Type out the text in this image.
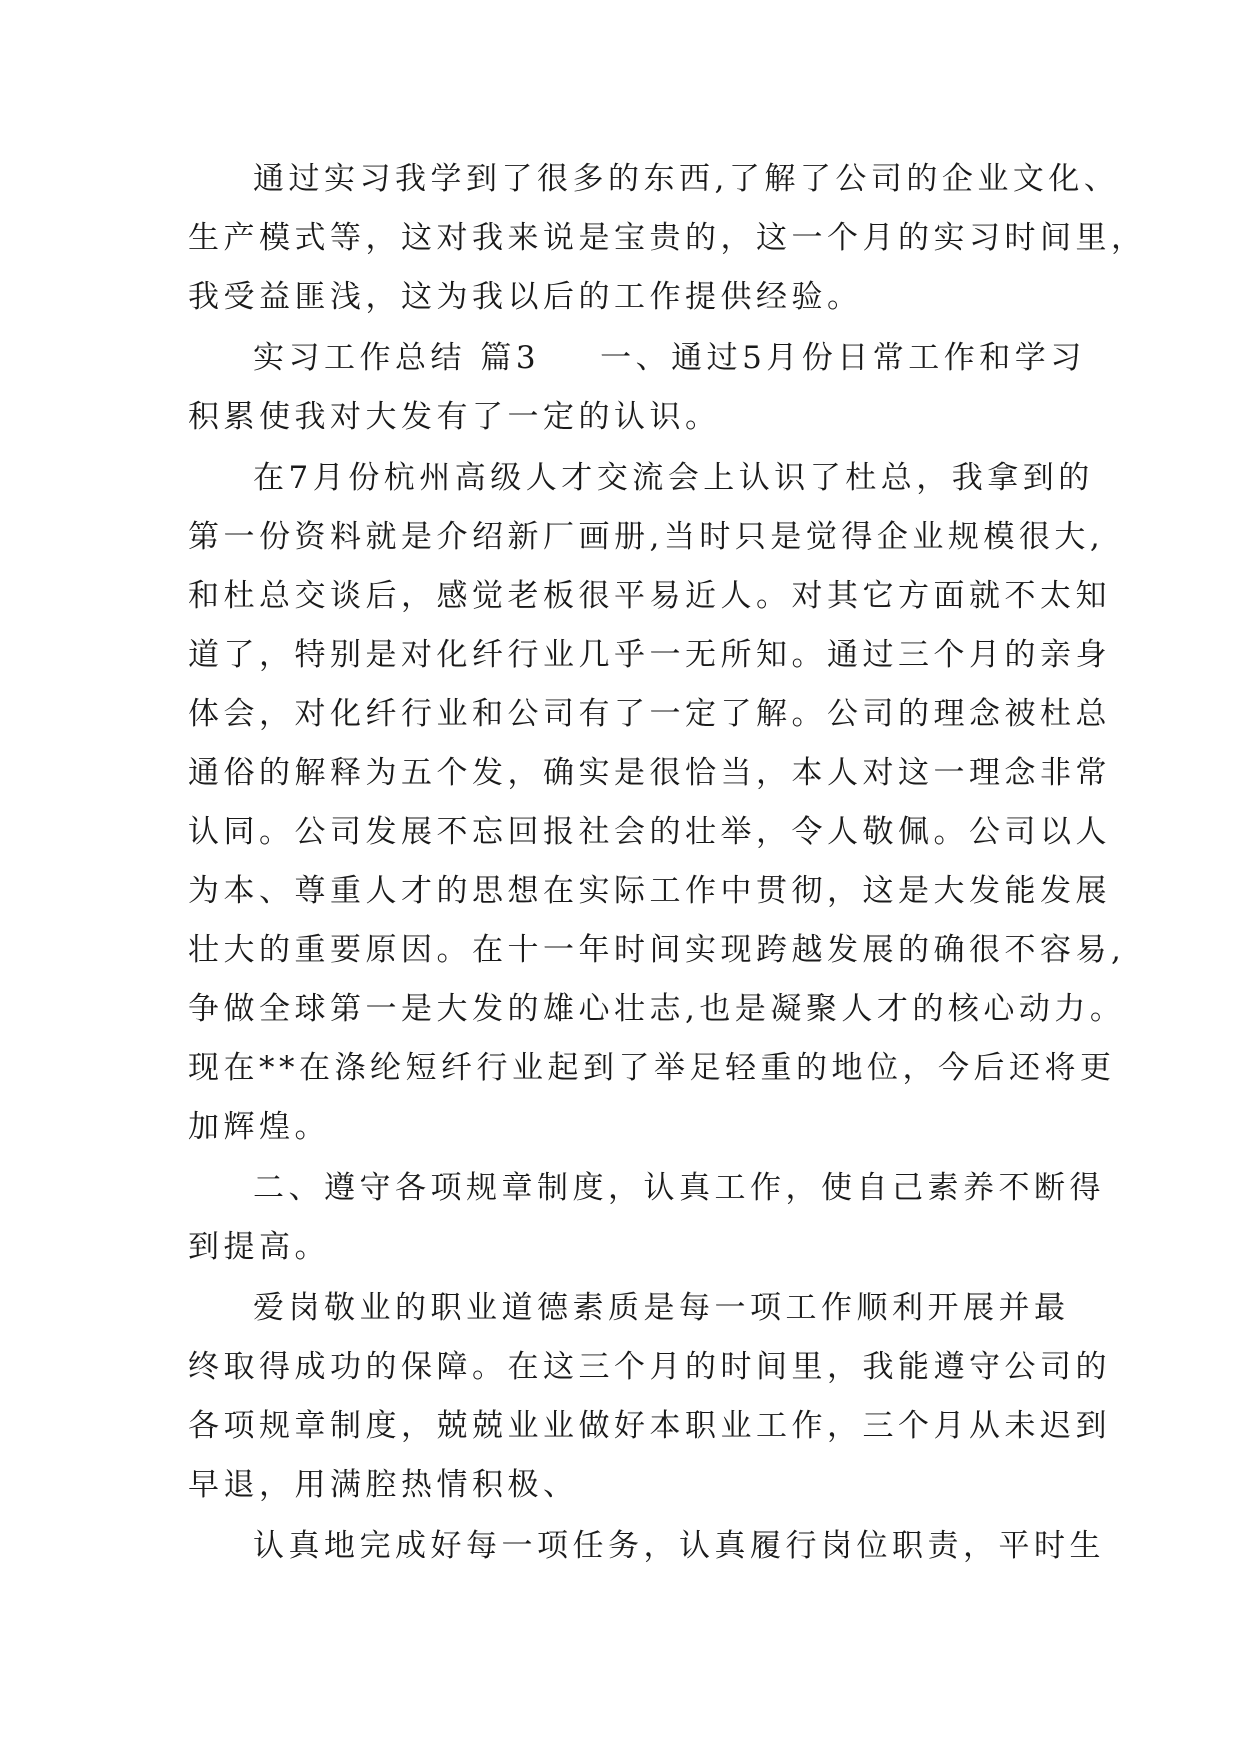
通过实习我学到了很多的东西,了解了公司的企业文化、
生产模式等，这对我来说是宝贵的，这一个月的实习时间里，
我受益匪浅，这为我以后的工作提供经验。
实习工作总结 篇3 一、通过5月份日常工作和学习
积累使我对大发有了一定的认识。
在7月份杭州高级人才交流会上认识了杜总，我拿到的
第一份资料就是介绍新厂画册,当时只是觉得企业规模很大,
和杜总交谈后，感觉老板很平易近人。对其它方面就不太知
道了，特别是对化纤行业几乎一无所知。通过三个月的亲身
体会，对化纤行业和公司有了一定了解。公司的理念被杜总
通俗的解释为五个发，确实是很恰当，本人对这一理念非常
认同。公司发展不忘回报社会的壮举，令人敬佩。公司以人
为本、尊重人才的思想在实际工作中贯彻，这是大发能发展
壮大的重要原因。在十一年时间实现跨越发展的确很不容易,
争做全球第一是大发的雄心壮志,也是凝聚人才的核心动力。
现在**在涤纶短纤行业起到了举足轻重的地位，今后还将更
加辉煌。
二、遵守各项规章制度，认真工作，使自己素养不断得
到提高。
爱岗敬业的职业道德素质是每一项工作顺利开展并最
终取得成功的保障。在这三个月的时间里，我能遵守公司的
各项规章制度，兢兢业业做好本职业工作，三个月从未迟到
早退，用满腔热情积极、
认真地完成好每一项任务，认真履行岗位职责，平时生
